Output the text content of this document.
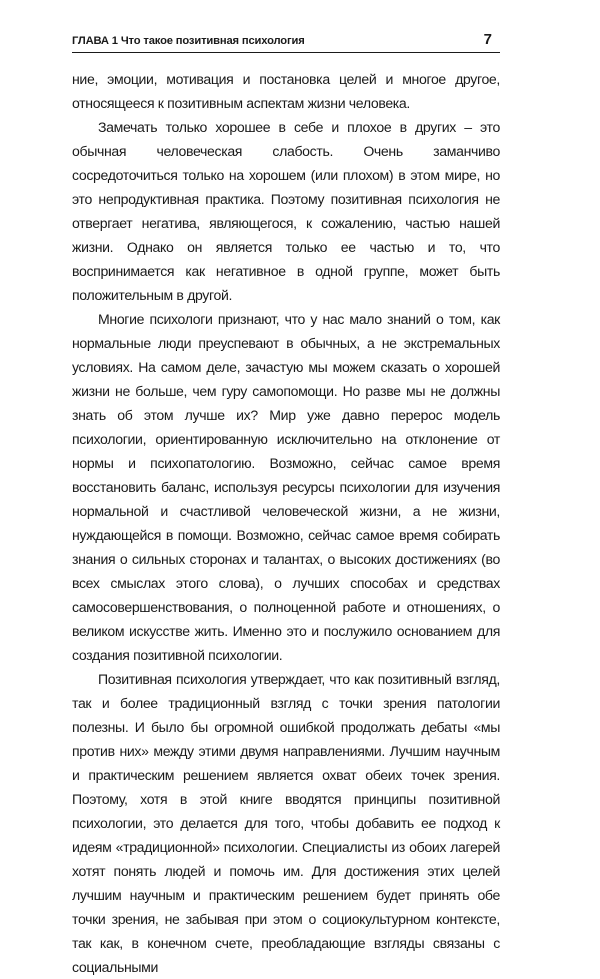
ГЛАВА 1 Что такое позитивная психология	7

ние, эмоции, мотивация и постановка целей и многое другое, относящееся к позитивным аспектам жизни человека.

Замечать только хорошее в себе и плохое в других – это обычная человеческая слабость. Очень заманчиво сосредоточиться только на хорошем (или плохом) в этом мире, но это непродуктивная практика. Поэтому позитивная психология не отвергает негатива, являющегося, к сожалению, частью нашей жизни. Однако он является только ее частью и то, что воспринимается как негативное в одной группе, может быть положительным в другой.

Многие психологи признают, что у нас мало знаний о том, как нормальные люди преуспевают в обычных, а не экстремальных условиях. На самом деле, зачастую мы можем сказать о хорошей жизни не больше, чем гуру самопомощи. Но разве мы не должны знать об этом лучше их? Мир уже давно перерос модель психологии, ориентированную исключительно на отклонение от нормы и психопатологию. Возможно, сейчас самое время восстановить баланс, используя ресурсы психологии для изучения нормальной и счастливой человеческой жизни, а не жизни, нуждающейся в помощи. Возможно, сейчас самое время собирать знания о сильных сторонах и талантах, о высоких достижениях (во всех смыслах этого слова), о лучших способах и средствах самосовершенствования, о полноценной работе и отношениях, о великом искусстве жить. Именно это и послужило основанием для создания позитивной психологии.

Позитивная психология утверждает, что как позитивный взгляд, так и более традиционный взгляд с точки зрения патологии полезны. И было бы огромной ошибкой продолжать дебаты «мы против них» между этими двумя направлениями. Лучшим научным и практическим решением является охват обеих точек зрения. Поэтому, хотя в этой книге вводятся принципы позитивной психологии, это делается для того, чтобы добавить ее подход к идеям «традиционной» психологии. Специалисты из обоих лагерей хотят понять людей и помочь им. Для достижения этих целей лучшим научным и практическим решением будет принять обе точки зрения, не забывая при этом о социокультурном контексте, так как, в конечном счете, преобладающие взгляды связаны с социальными
